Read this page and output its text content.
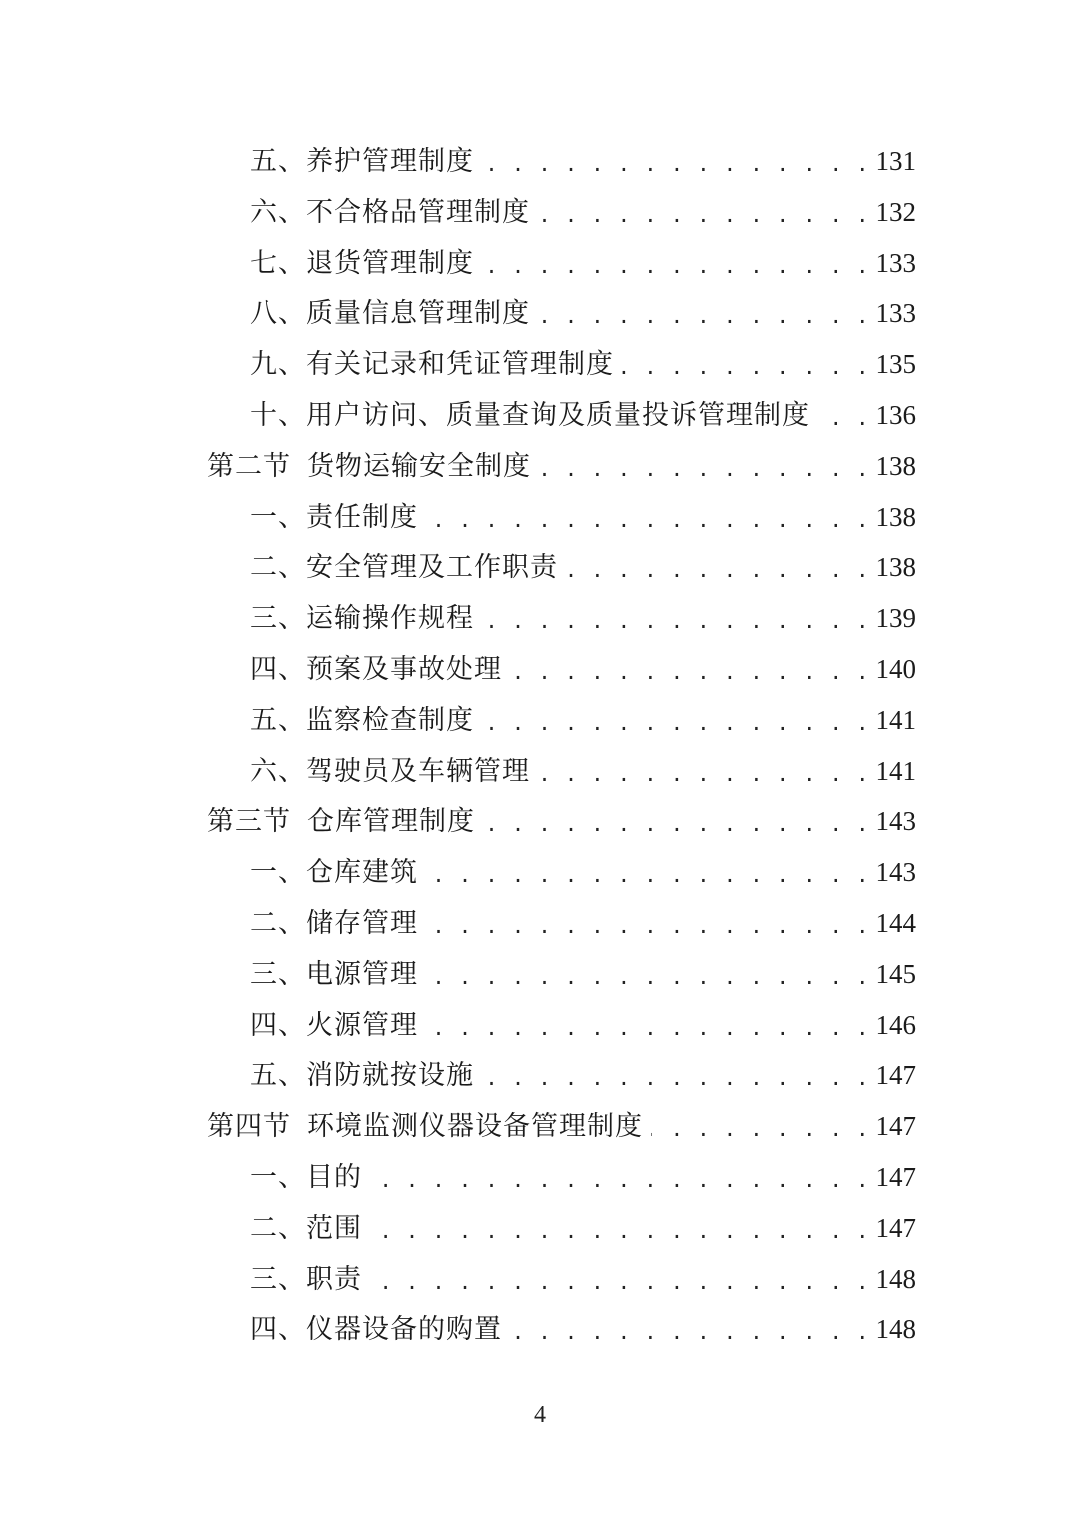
五、养护管理制度 . . .	131
六、不合格品管理制度 . . .	132
七、退货管理制度 . . .	133
八、质量信息管理制度 . . .	133
九、有关记录和凭证管理制度 . . .	135
十、用户访问、质量查询及质量投诉管理制度 . . . 136
第二节 货物运输安全制度 . . .	138
一、责任制度 . . .	138
二、安全管理及工作职责 . . .	138
三、运输操作规程 . . .	139
四、预案及事故处理 . . .	140
五、监察检查制度 . . .	141
六、驾驶员及车辆管理 . . .	141
第三节 仓库管理制度 . . .	143
一、仓库建筑 . . .	143
二、储存管理 . . .	144
三、电源管理 . . .	145
四、火源管理 . . .	146
五、消防就按设施 . . .	147
第四节 环境监测仪器设备管理制度 . . .	147
一、目的 . . .	147
二、范围 . . .	147
三、职责 . . .	148
四、仪器设备的购置 . . .	148
4
